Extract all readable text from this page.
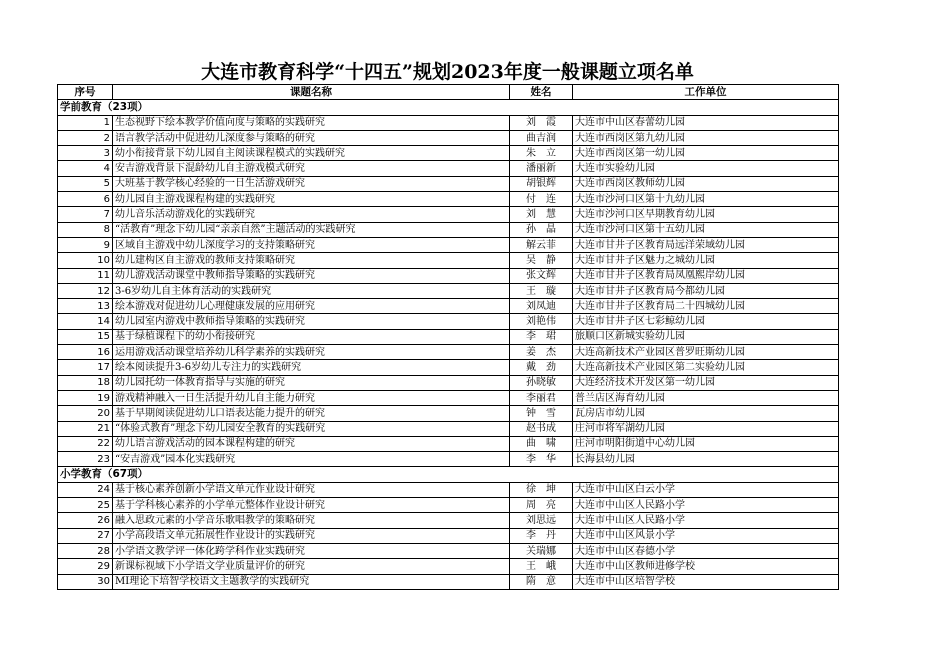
大连市教育科学“十四五”规划2023年度一般课题立项名单
序号	课题名称	姓名	工作单位
学前教育（23项）			
1	生态视野下绘本教学价值向度与策略的实践研究	刘　霞	大连市中山区春蕾幼儿园
2	语言教学活动中促进幼儿深度参与策略的研究	曲吉润	大连市西岗区第九幼儿园
3	幼小衔接背景下幼儿园自主阅读课程模式的实践研究	朱　立	大连市西岗区第一幼儿园
4	安吉游戏背景下混龄幼儿自主游戏模式研究	潘丽新	大连市实验幼儿园
5	大班基于教学核心经验的一日生活游戏研究	胡银辉	大连市西岗区教师幼儿园
6	幼儿园自主游戏课程构建的实践研究	付　连	大连市沙河口区第十九幼儿园
7	幼儿音乐活动游戏化的实践研究	刘　慧	大连市沙河口区早期教育幼儿园
8	“活教育”理念下幼儿园“亲亲自然”主题活动的实践研究	孙　晶	大连市沙河口区第十五幼儿园
9	区域自主游戏中幼儿深度学习的支持策略研究	解云菲	大连市甘井子区教育局远洋荣域幼儿园
10	幼儿建构区自主游戏的教师支持策略研究	吴　静	大连市甘井子区魅力之城幼儿园
11	幼儿游戏活动课堂中教师指导策略的实践研究	张文辉	大连市甘井子区教育局凤凰熙岸幼儿园
12	3-6岁幼儿自主体育活动的实践研究	王　璇	大连市甘井子区教育局今都幼儿园
13	绘本游戏对促进幼儿心理健康发展的应用研究	刘凤迪	大连市甘井子区教育局二十四城幼儿园
14	幼儿园室内游戏中教师指导策略的实践研究	刘艳伟	大连市甘井子区七彩鲸幼儿园
15	基于绿植课程下的幼小衔接研究	李　珺	旅顺口区新城实验幼儿园
16	运用游戏活动课堂培养幼儿科学素养的实践研究	姜　杰	大连高新技术产业园区普罗旺斯幼儿园
17	绘本阅读提升3-6岁幼儿专注力的实践研究	戴　劲	大连高新技术产业园区第二实验幼儿园
18	幼儿园托幼一体教育指导与实施的研究	孙晓敏	大连经济技术开发区第一幼儿园
19	游戏精神融入一日生活提升幼儿自主能力研究	李丽君	普兰店区海育幼儿园
20	基于早期阅读促进幼儿口语表达能力提升的研究	钟　雪	瓦房店市幼儿园
21	“体验式教育”理念下幼儿园安全教育的实践研究	赵书成	庄河市将军湖幼儿园
22	幼儿语言游戏活动的园本课程构建的研究	曲　啸	庄河市明阳街道中心幼儿园
23	“安吉游戏”园本化实践研究	李　华	长海县幼儿园
小学教育（67项）			
24	基于核心素养创新小学语文单元作业设计研究	徐　坤	大连市中山区白云小学
25	基于学科核心素养的小学单元整体作业设计研究	周　亮	大连市中山区人民路小学
26	融入思政元素的小学音乐歌唱教学的策略研究	刘思远	大连市中山区人民路小学
27	小学高段语文单元拓展性作业设计的实践研究	李　丹	大连市中山区风景小学
28	小学语文教学评一体化跨学科作业实践研究	关瑞娜	大连市中山区春德小学
29	新课标视域下小学语文学业质量评价的研究	王　峨	大连市中山区教师进修学校
30	MI理论下培智学校语文主题教学的实践研究	隋　意	大连市中山区培智学校
